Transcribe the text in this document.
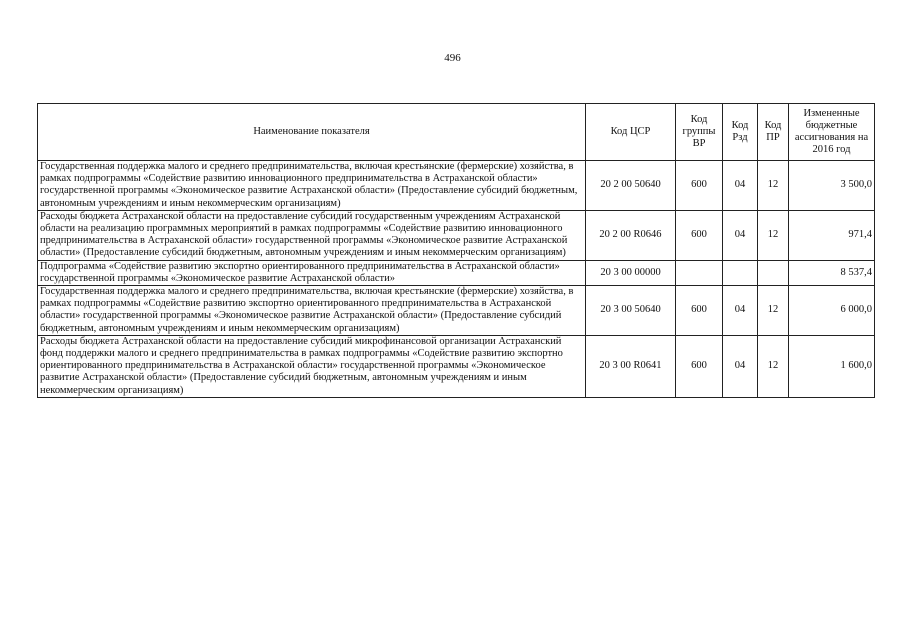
496
Наименование показателя	Код ЦСР	Код группы ВР	Код Рзд	Код ПР	Измененные бюджетные ассигнования на 2016 год
Государственная поддержка малого и среднего предпринимательства, включая крестьянские (фермерские) хозяйства, в рамках подпрограммы «Содействие развитию инновационного предпринимательства в Астраханской области» государственной программы «Экономическое развитие Астраханской области» (Предоставление субсидий бюджетным, автономным учреждениям и иным некоммерческим организациям)	20 2 00 50640	600	04	12	3 500,0
Расходы бюджета Астраханской области на предоставление субсидий государственным учреждениям Астраханской области на реализацию программных мероприятий в рамках подпрограммы «Содействие развитию инновационного предпринимательства в Астраханской области» государственной программы «Экономическое развитие Астраханской области» (Предоставление субсидий бюджетным, автономным учреждениям и иным некоммерческим организациям)	20 2 00 R0646	600	04	12	971,4
Подпрограмма «Содействие развитию экспортно ориентированного предпринимательства в Астраханской области» государственной программы «Экономическое развитие Астраханской области»	20 3 00 00000				8 537,4
Государственная поддержка малого и среднего предпринимательства, включая крестьянские (фермерские) хозяйства, в рамках подпрограммы «Содействие развитию экспортно ориентированного предпринимательства в Астраханской области» государственной программы «Экономическое развитие Астраханской области» (Предоставление субсидий бюджетным, автономным учреждениям и иным некоммерческим организациям)	20 3 00 50640	600	04	12	6 000,0
Расходы бюджета Астраханской области на предоставление субсидий микрофинансовой организации Астраханский фонд поддержки малого и среднего предпринимательства в рамках подпрограммы «Содействие развитию экспортно ориентированного предпринимательства в Астраханской области» государственной программы «Экономическое развитие Астраханской области» (Предоставление субсидий бюджетным, автономным учреждениям и иным некоммерческим организациям)	20 3 00 R0641	600	04	12	1 600,0
